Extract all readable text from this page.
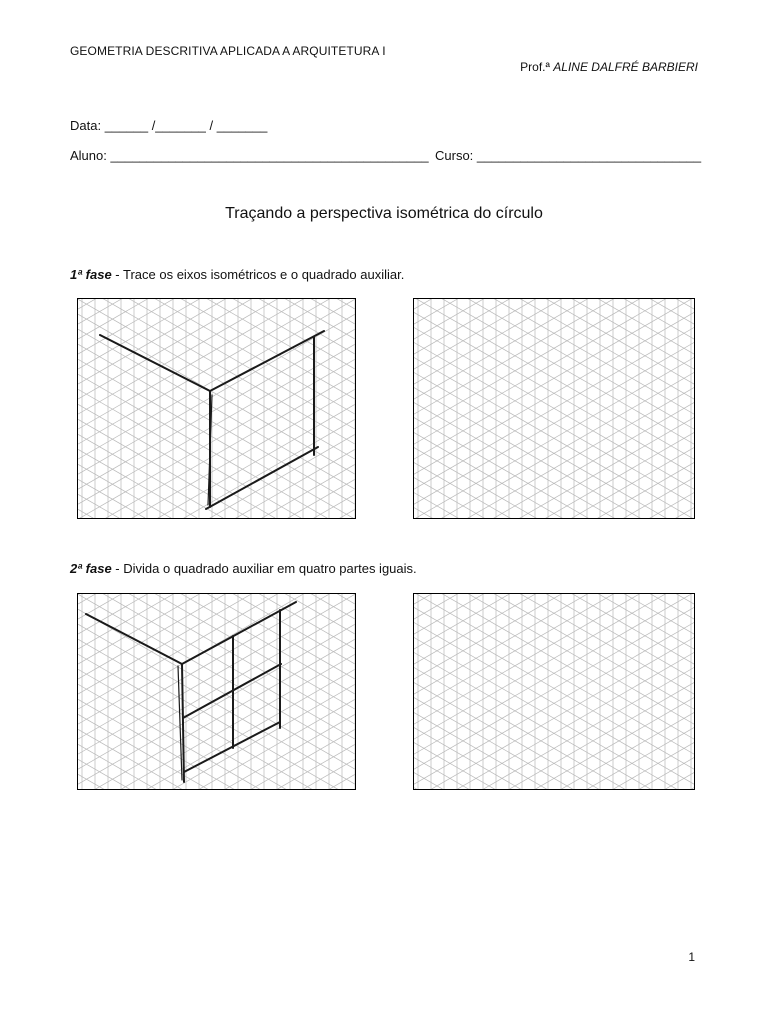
GEOMETRIA DESCRITIVA APLICADA A ARQUITETURA I
Prof.ª ALINE DALFRÉ BARBIERI
Data: ______ /_______ / _______
Aluno: ____________________________________________ Curso: _______________________________
Traçando a perspectiva isométrica do círculo
1ª fase - Trace os eixos isométricos e o quadrado auxiliar.
2ª fase - Divida o quadrado auxiliar em quatro partes iguais.
1
